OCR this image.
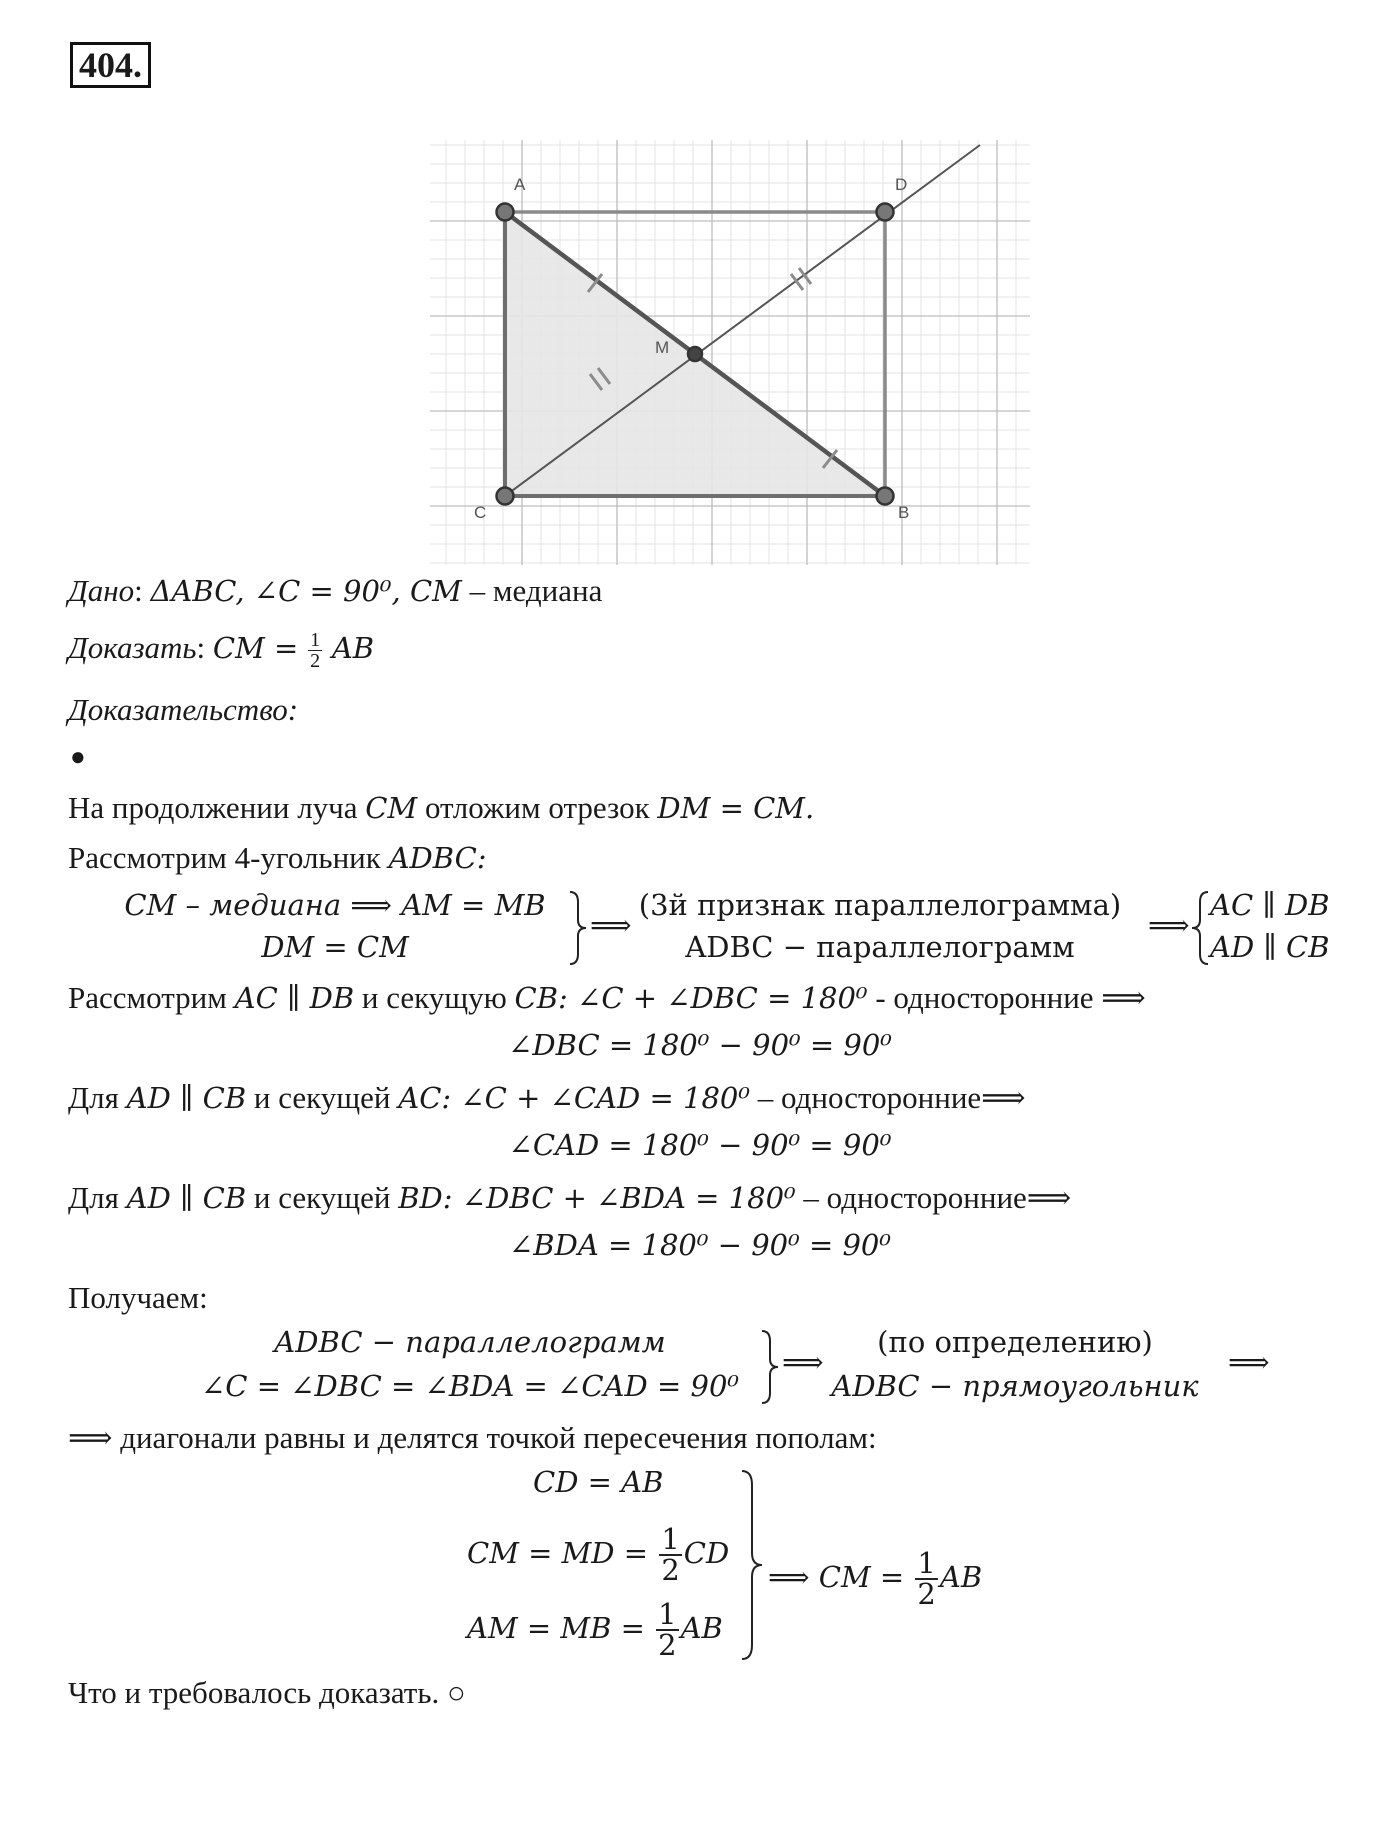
404.
A	D
M
C	B
Дано: ΔABC, ∠C = 90⁰, CM – медиана
Доказать: CM = $\frac{1}{2}$ AB
Доказательство:
●
На продолжении луча CM отложим отрезок DM = CM.
Рассмотрим 4-угольник ADBC:
CM – медиана ⟹ AM = MB
DM = CM
⟹
(3й признак параллелограмма)
ADBC − параллелограмм
⟹
AC ∥ DB
AD ∥ CB
Рассмотрим AC ∥ DB и секущую CB: ∠C + ∠DBC = 180⁰ - односторонние ⟹
∠DBC = 180⁰ − 90⁰ = 90⁰
Для AD ∥ CB и секущей AC: ∠C + ∠CAD = 180⁰ – односторонние⟹
∠CAD = 180⁰ − 90⁰ = 90⁰
Для AD ∥ CB и секущей BD: ∠DBC + ∠BDA = 180⁰ – односторонние⟹
∠BDA = 180⁰ − 90⁰ = 90⁰
Получаем:
ADBC − параллелограмм
∠C = ∠DBC = ∠BDA = ∠CAD = 90⁰
⟹
(по определению)
ADBC − прямоугольник
⟹
⟹ диагонали равны и делятся точкой пересечения пополам:
CD = AB
CM = MD = $\frac{1}{2}$ CD
AM = MB = $\frac{1}{2}$ AB
⟹ CM = $\frac{1}{2}$ AB
Что и требовалось доказать. ○
